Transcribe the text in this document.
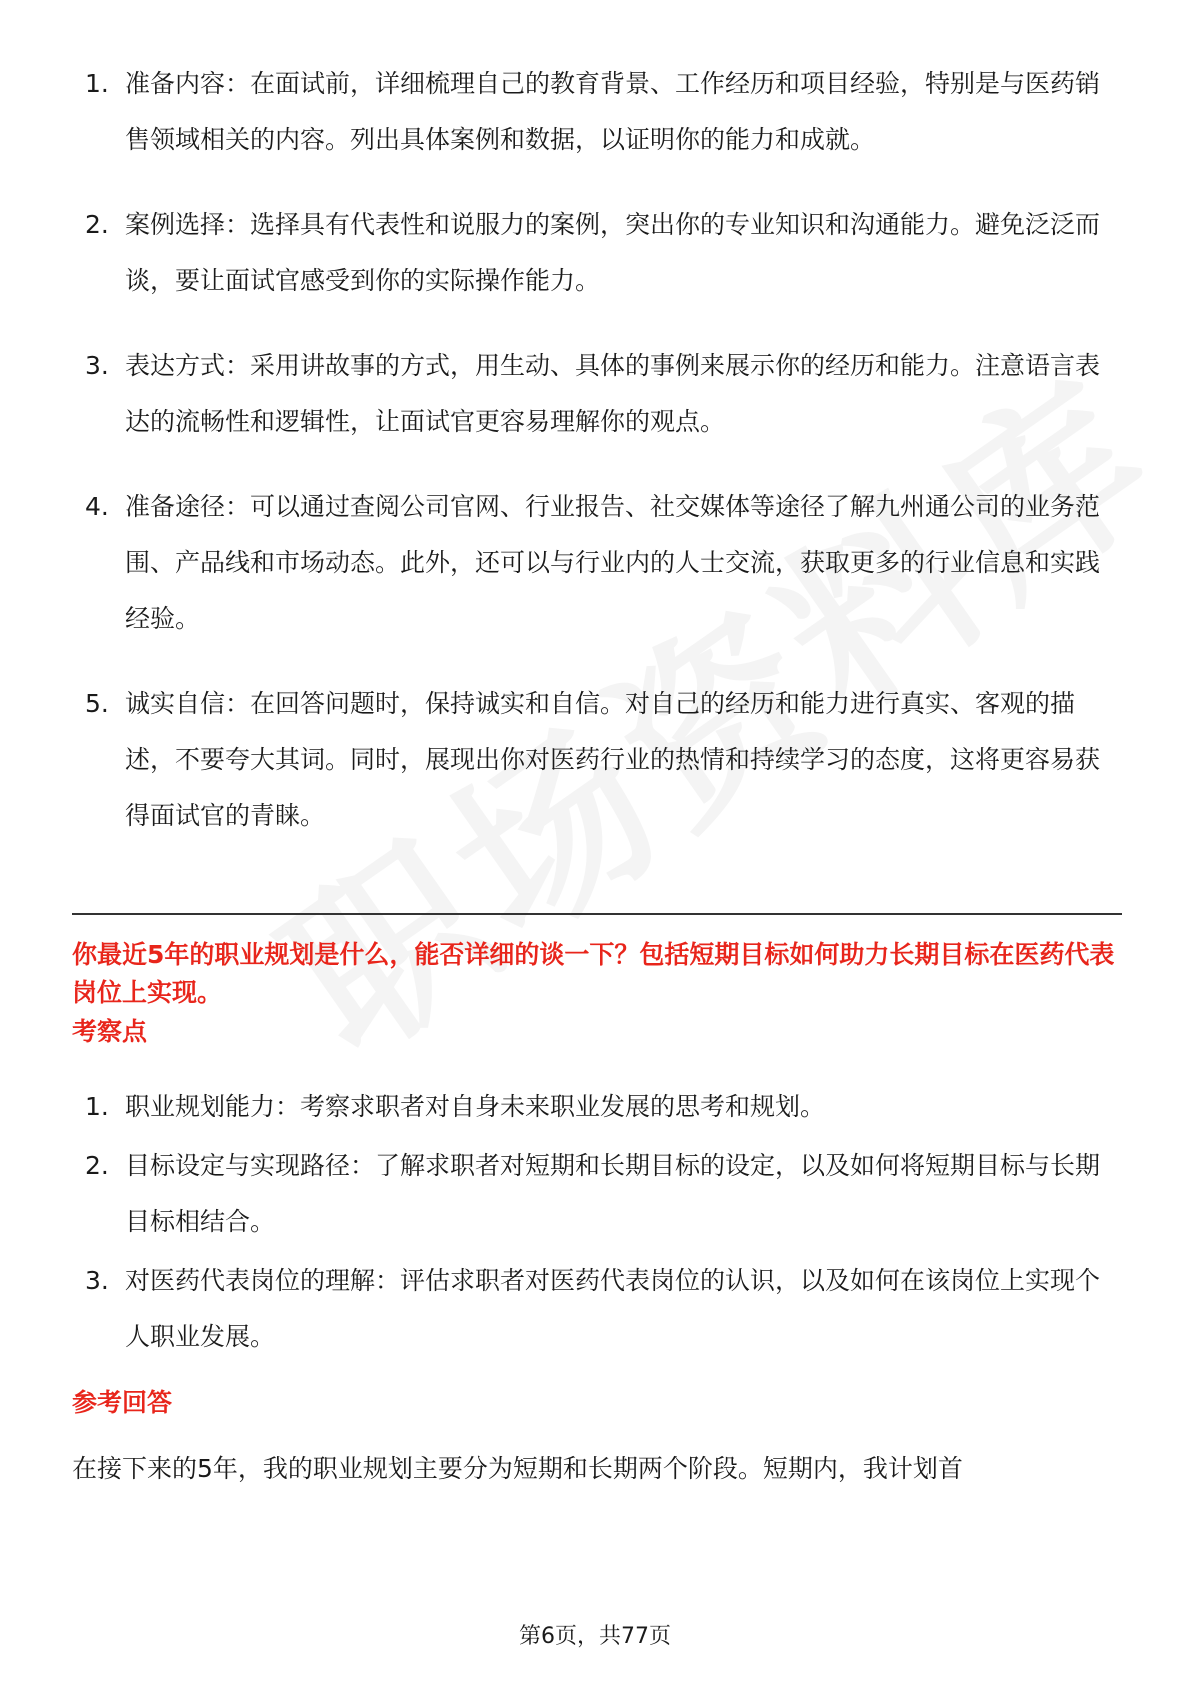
1. 准备内容：在面试前，详细梳理自己的教育背景、工作经历和项目经验，特别是与医药销售领域相关的内容。列出具体案例和数据，以证明你的能力和成就。
2. 案例选择：选择具有代表性和说服力的案例，突出你的专业知识和沟通能力。避免泛泛而谈，要让面试官感受到你的实际操作能力。
3. 表达方式：采用讲故事的方式，用生动、具体的事例来展示你的经历和能力。注意语言表达的流畅性和逻辑性，让面试官更容易理解你的观点。
4. 准备途径：可以通过查阅公司官网、行业报告、社交媒体等途径了解九州通公司的业务范围、产品线和市场动态。此外，还可以与行业内的人士交流，获取更多的行业信息和实践经验。
5. 诚实自信：在回答问题时，保持诚实和自信。对自己的经历和能力进行真实、客观的描述，不要夸大其词。同时，展现出你对医药行业的热情和持续学习的态度，这将更容易获得面试官的青睐。
你最近5年的职业规划是什么，能否详细的谈一下？包括短期目标如何助力长期目标在医药代表岗位上实现。
考察点
1. 职业规划能力：考察求职者对自身未来职业发展的思考和规划。
2. 目标设定与实现路径：了解求职者对短期和长期目标的设定，以及如何将短期目标与长期目标相结合。
3. 对医药代表岗位的理解：评估求职者对医药代表岗位的认识，以及如何在该岗位上实现个人职业发展。
参考回答
在接下来的5年，我的职业规划主要分为短期和长期两个阶段。短期内，我计划首
第6页，共77页
